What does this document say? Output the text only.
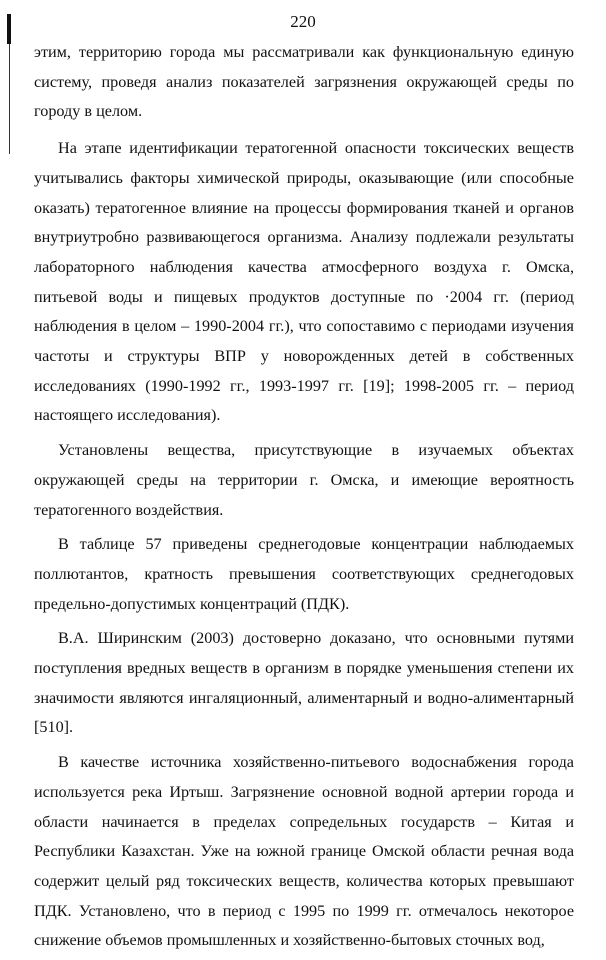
220

этим, территорию города мы рассматривали как функциональную единую систему, проведя анализ показателей загрязнения окружающей среды по городу в целом.

На этапе идентификации тератогенной опасности токсических веществ учитывались факторы химической природы, оказывающие (или способные оказать) тератогенное влияние на процессы формирования тканей и органов внутриутробно развивающегося организма. Анализу подлежали результаты лабораторного наблюдения качества атмосферного воздуха г. Омска, питьевой воды и пищевых продуктов доступные по ·2004 гг. (период наблюдения в целом – 1990-2004 гг.), что сопоставимо с периодами изучения частоты и структуры ВПР у новорожденных детей в собственных исследованиях (1990-1992 гг., 1993-1997 гг. [19]; 1998-2005 гг. – период настоящего исследования).

Установлены вещества, присутствующие в изучаемых объектах окружающей среды на территории г. Омска, и имеющие вероятность тератогенного воздействия.

В таблице 57 приведены среднегодовые концентрации наблюдаемых поллютантов, кратность превышения соответствующих среднегодовых предельно-допустимых концентраций (ПДК).

В.А. Ширинским (2003) достоверно доказано, что основными путями поступления вредных веществ в организм в порядке уменьшения степени их значимости являются ингаляционный, алиментарный и водно-алиментарный [510].

В качестве источника хозяйственно-питьевого водоснабжения города используется река Иртыш. Загрязнение основной водной артерии города и области начинается в пределах сопредельных государств – Китая и Республики Казахстан. Уже на южной границе Омской области речная вода содержит целый ряд токсических веществ, количества которых превышают ПДК. Установлено, что в период с 1995 по 1999 гг. отмечалось некоторое снижение объемов промышленных и хозяйственно-бытовых сточных вод,
